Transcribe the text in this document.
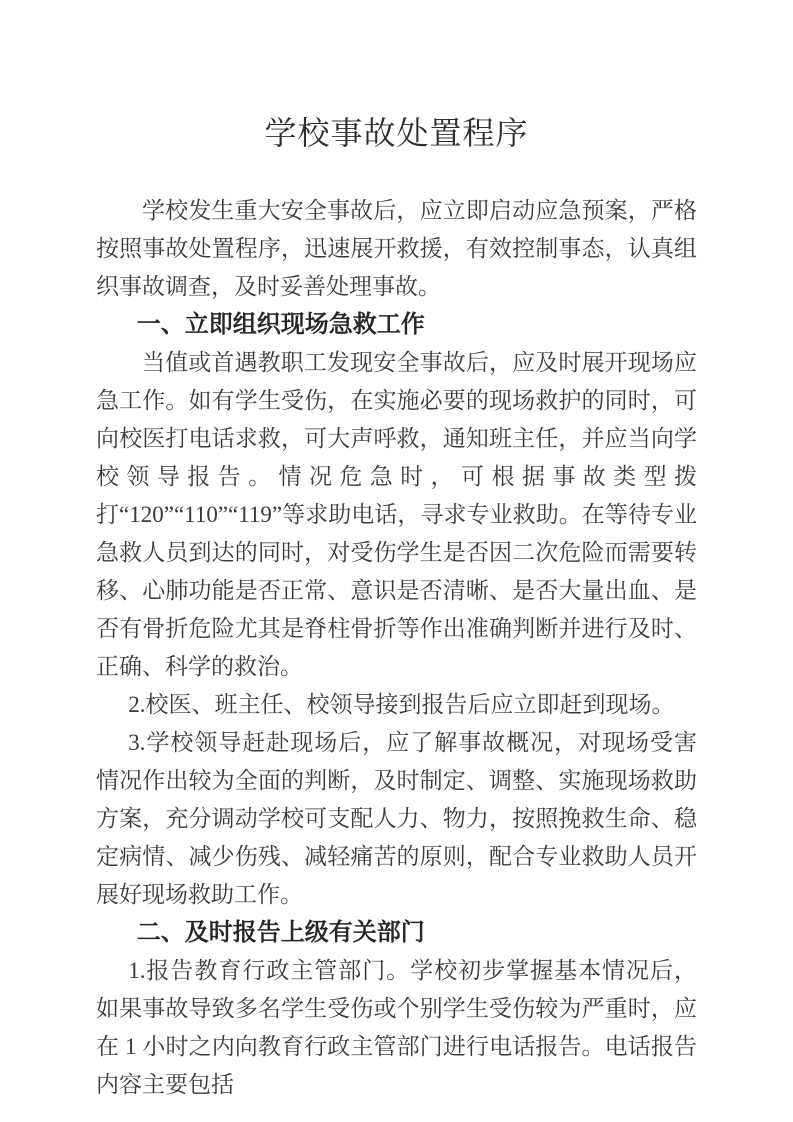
学校事故处置程序

学校发生重大安全事故后，应立即启动应急预案，严格按照事故处置程序，迅速展开救援，有效控制事态，认真组织事故调查，及时妥善处理事故。

一、立即组织现场急救工作

当值或首遇教职工发现安全事故后，应及时展开现场应急工作。如有学生受伤，在实施必要的现场救护的同时，可向校医打电话求救，可大声呼救，通知班主任，并应当向学校领导报告。情况危急时，可根据事故类型拨打“120”“110”“119”等求助电话，寻求专业救助。在等待专业急救人员到达的同时，对受伤学生是否因二次危险而需要转移、心肺功能是否正常、意识是否清晰、是否大量出血、是否有骨折危险尤其是脊柱骨折等作出准确判断并进行及时、正确、科学的救治。

2.校医、班主任、校领导接到报告后应立即赶到现场。

3.学校领导赶赴现场后，应了解事故概况，对现场受害情况作出较为全面的判断，及时制定、调整、实施现场救助方案，充分调动学校可支配人力、物力，按照挽救生命、稳定病情、减少伤残、减轻痛苦的原则，配合专业救助人员开展好现场救助工作。

二、及时报告上级有关部门

1.报告教育行政主管部门。学校初步掌握基本情况后，如果事故导致多名学生受伤或个别学生受伤较为严重时，应在 1 小时之内向教育行政主管部门进行电话报告。电话报告内容主要包括
